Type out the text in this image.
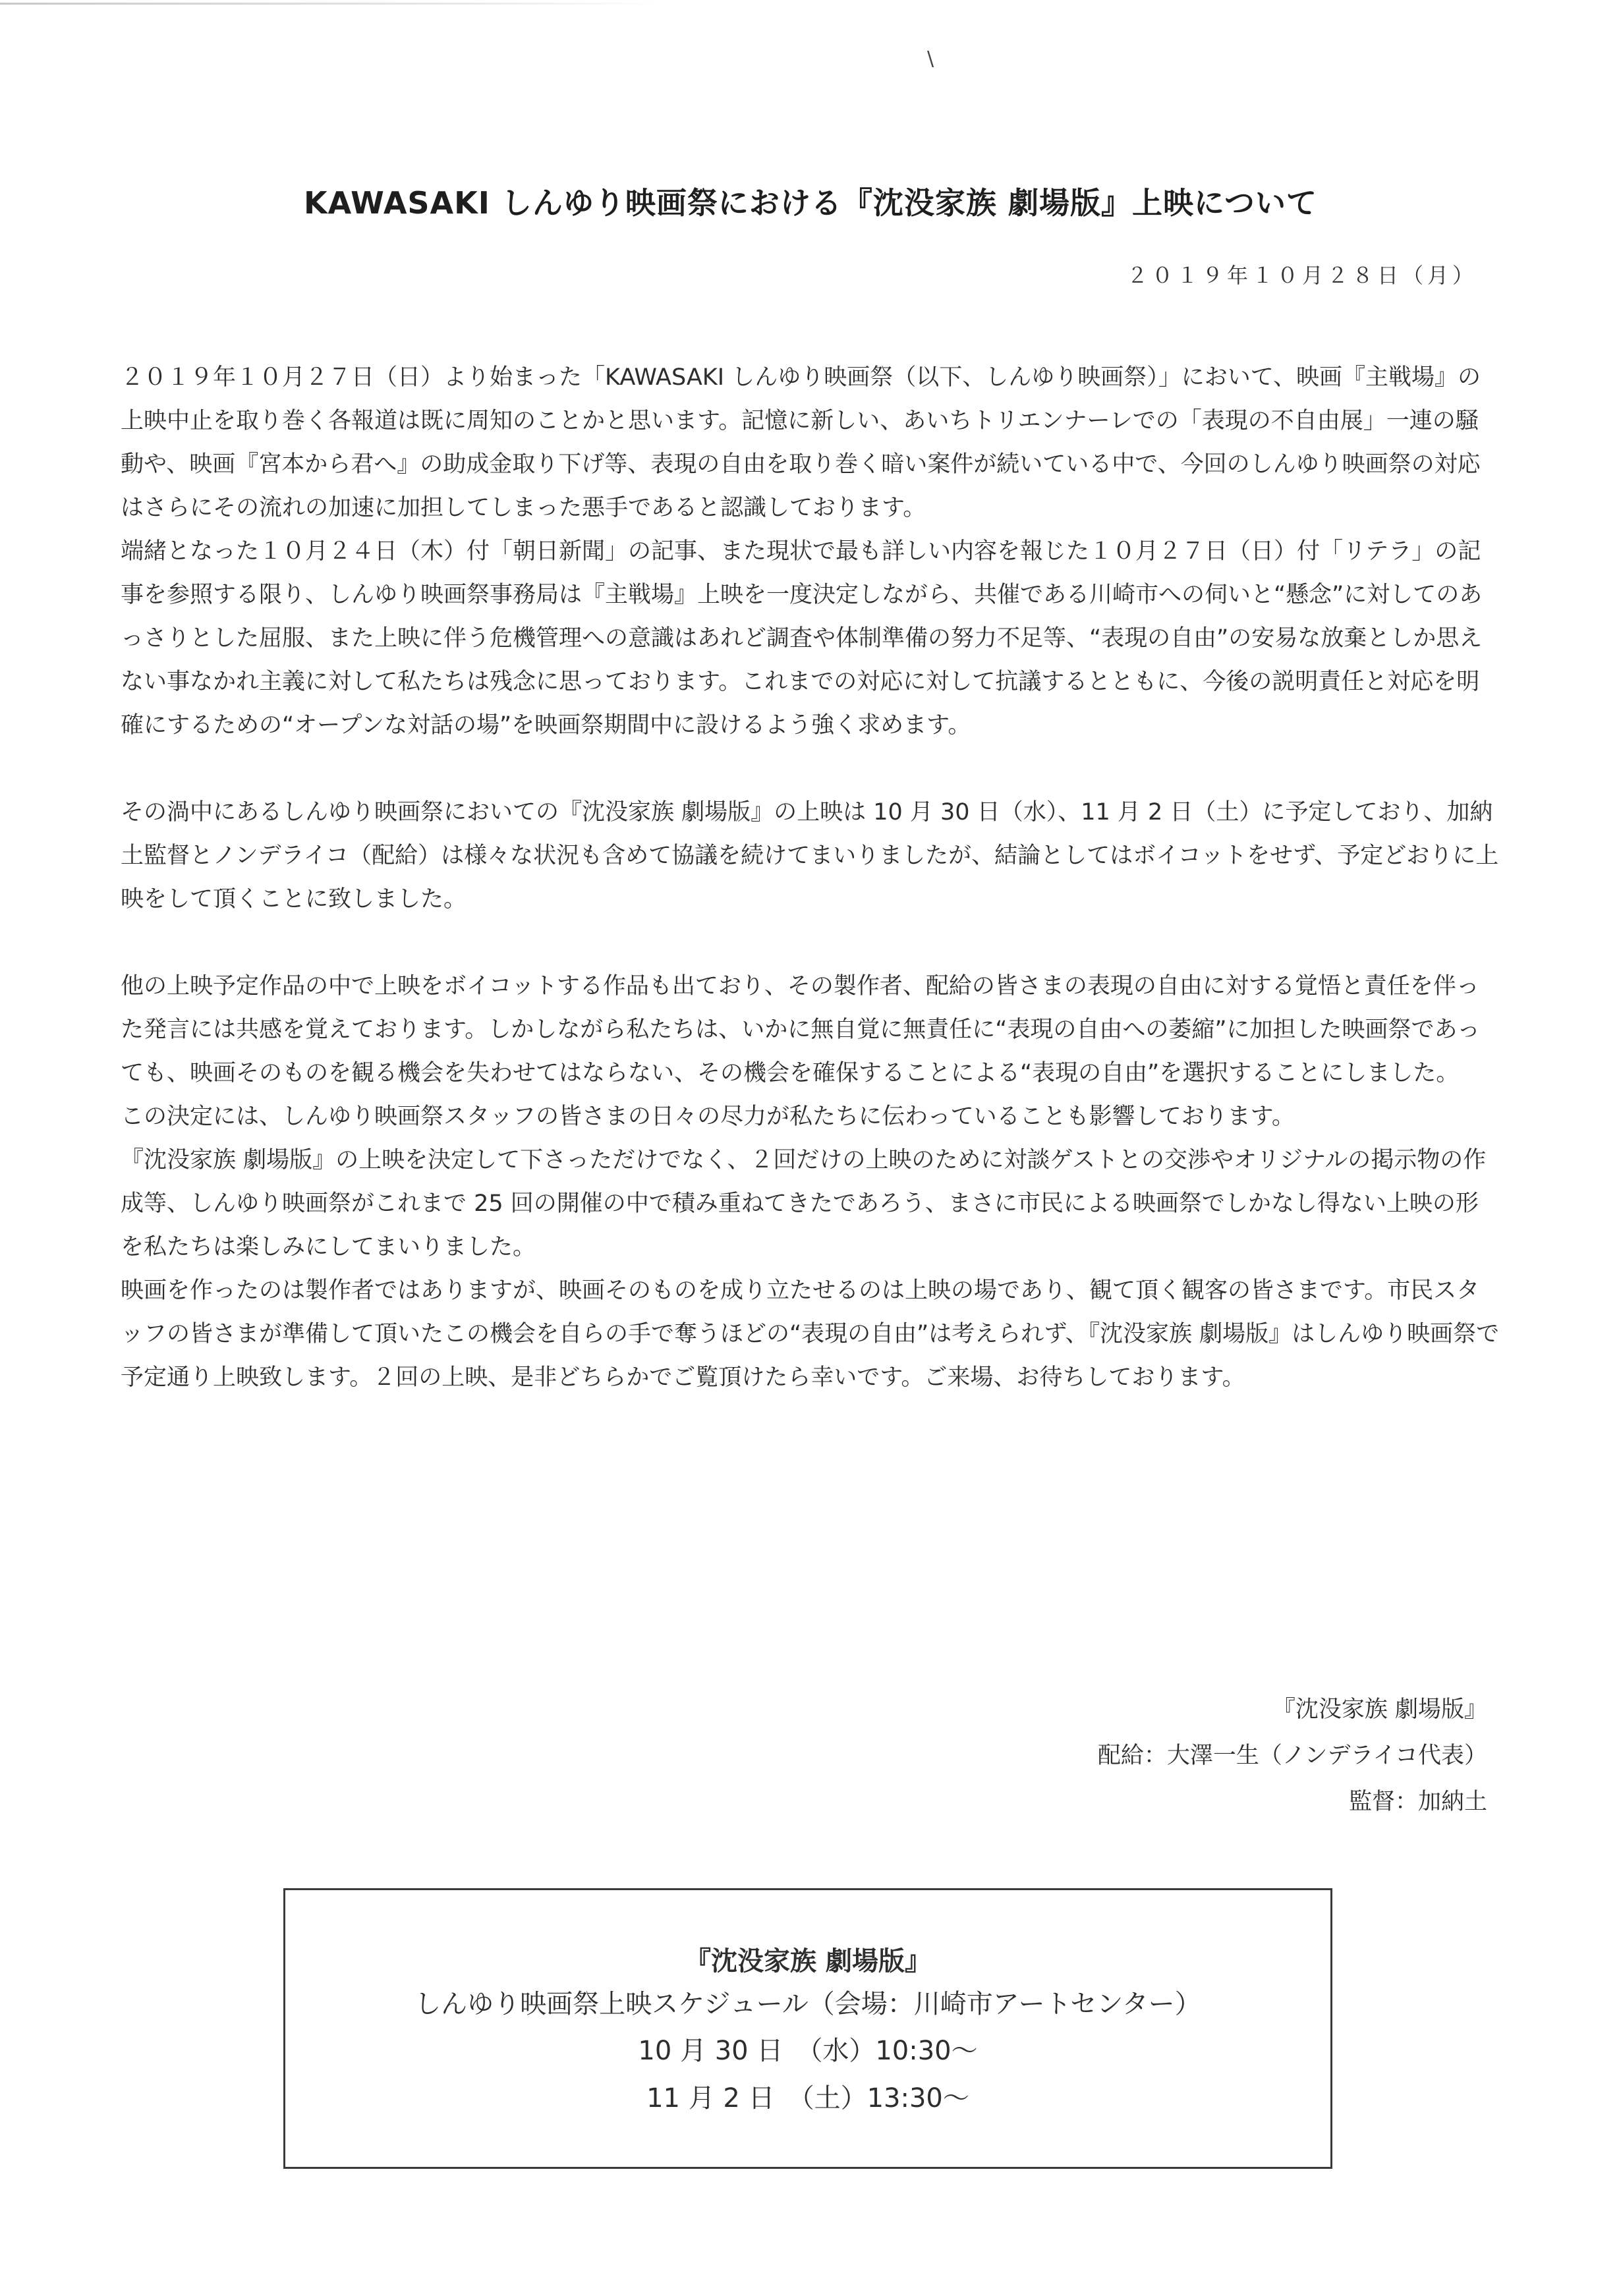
\
KAWASAKI しんゆり映画祭における『沈没家族 劇場版』上映について
２０１９年１０月２８日（月）

２０１９年１０月２７日（日）より始まった「KAWASAKI しんゆり映画祭（以下、しんゆり映画祭）」において、映画『主戦場』の上映中止を取り巻く各報道は既に周知のことかと思います。記憶に新しい、あいちトリエンナーレでの「表現の不自由展」一連の騒動や、映画『宮本から君へ』の助成金取り下げ等、表現の自由を取り巻く暗い案件が続いている中で、今回のしんゆり映画祭の対応はさらにその流れの加速に加担してしまった悪手であると認識しております。

端緒となった１０月２４日（木）付「朝日新聞」の記事、また現状で最も詳しい内容を報じた１０月２７日（日）付「リテラ」の記事を参照する限り、しんゆり映画祭事務局は『主戦場』上映を一度決定しながら、共催である川崎市への伺いと“懸念”に対してのあっさりとした屈服、また上映に伴う危機管理への意識はあれど調査や体制準備の努力不足等、“表現の自由”の安易な放棄としか思えない事なかれ主義に対して私たちは残念に思っております。これまでの対応に対して抗議するとともに、今後の説明責任と対応を明確にするための“オープンな対話の場”を映画祭期間中に設けるよう強く求めます。

その渦中にあるしんゆり映画祭においての『沈没家族 劇場版』の上映は 10 月 30 日（水）、11 月 2 日（土）に予定しており、加納土監督とノンデライコ（配給）は様々な状況も含めて協議を続けてまいりましたが、結論としてはボイコットをせず、予定どおりに上映をして頂くことに致しました。

他の上映予定作品の中で上映をボイコットする作品も出ており、その製作者、配給の皆さまの表現の自由に対する覚悟と責任を伴った発言には共感を覚えております。しかしながら私たちは、いかに無自覚に無責任に“表現の自由への萎縮”に加担した映画祭であっても、映画そのものを観る機会を失わせてはならない、その機会を確保することによる“表現の自由”を選択することにしました。

この決定には、しんゆり映画祭スタッフの皆さまの日々の尽力が私たちに伝わっていることも影響しております。

『沈没家族 劇場版』の上映を決定して下さっただけでなく、２回だけの上映のために対談ゲストとの交渉やオリジナルの掲示物の作成等、しんゆり映画祭がこれまで 25 回の開催の中で積み重ねてきたであろう、まさに市民による映画祭でしかなし得ない上映の形を私たちは楽しみにしてまいりました。

映画を作ったのは製作者ではありますが、映画そのものを成り立たせるのは上映の場であり、観て頂く観客の皆さまです。市民スタッフの皆さまが準備して頂いたこの機会を自らの手で奪うほどの“表現の自由”は考えられず、『沈没家族 劇場版』はしんゆり映画祭で予定通り上映致します。２回の上映、是非どちらかでご覧頂けたら幸いです。ご来場、お待ちしております。

『沈没家族 劇場版』
配給：大澤一生（ノンデライコ代表）
監督：加納土
『沈没家族 劇場版』
しんゆり映画祭上映スケジュール（会場：川崎市アートセンター）
10 月 30 日　（水）10:30～
11 月 2 日　（土）13:30～
